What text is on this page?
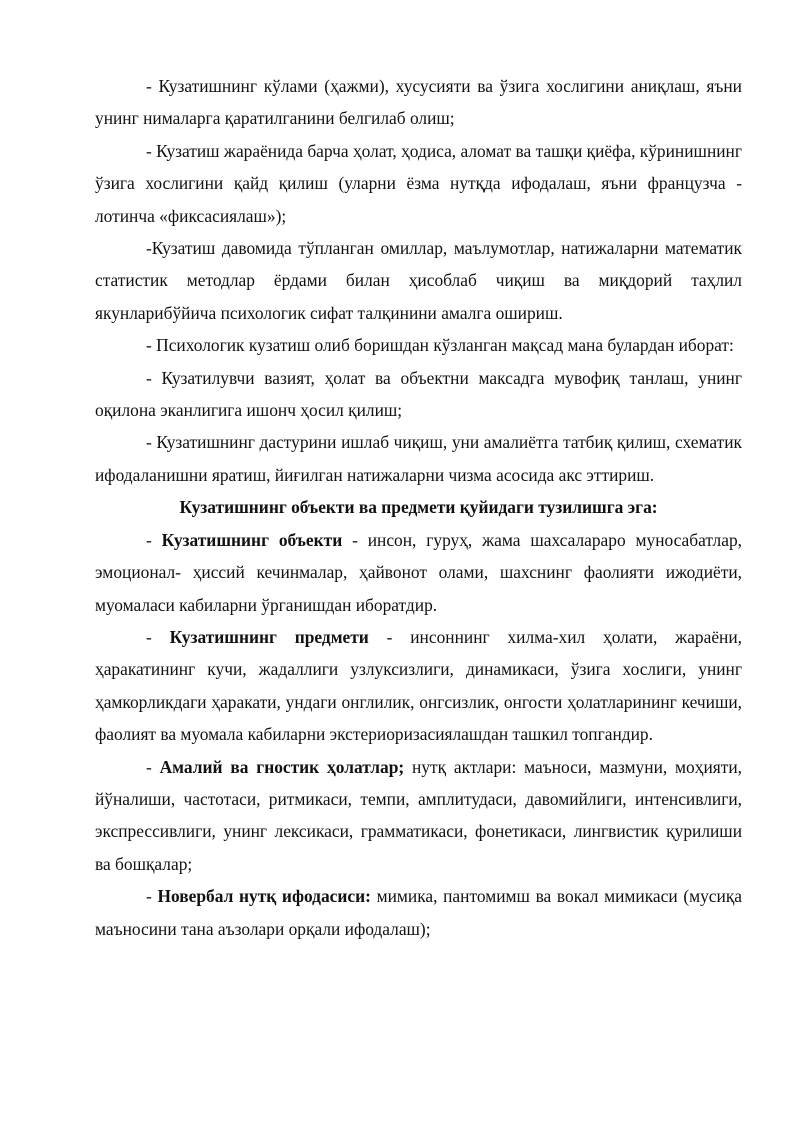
- Кузатишнинг кўлами (ҳажми), хусусияти ва ўзига хослигини аниқлаш, яъни унинг нималарга қаратилганини белгилаб олиш;

- Кузатиш жараёнида барча ҳолат, ҳодиса, аломат ва ташқи қиёфа, кўринишнинг ўзига хослигини қайд қилиш (уларни ёзма нутқда ифодалаш, яъни французча - лотинча «фиксасиялаш»);

-Кузатиш давомида тўпланган омиллар, маълумотлар, натижаларни математик статистик методлар ёрдами билан ҳисоблаб чиқиш ва миқдорий таҳлил якунларибўйича психологик сифат талқинини амалга ошириш.

- Психологик кузатиш олиб боришдан кўзланган мақсад мана булардан иборат:

- Кузатилувчи вазият, ҳолат ва объектни максадга мувофиқ танлаш, унинг оқилона эканлигига ишонч ҳосил қилиш;

- Кузатишнинг дастурини ишлаб чиқиш, уни амалиётга татбиқ қилиш, схематик ифодаланишни яратиш, йиғилган натижаларни чизма асосида акс эттириш.

Кузатишнинг объекти ва предмети қуйидаги тузилишга эга:

- Кузатишнинг объекти - инсон, гуруҳ, жама шахсалараро муносабатлар, эмоционал- ҳиссий кечинмалар, ҳайвонот олами, шахснинг фаолияти ижодиёти, муомаласи кабиларни ўрганишдан иборатдир.

- Кузатишнинг предмети - инсоннинг хилма-хил ҳолати, жараёни, ҳаракатининг кучи, жадаллиги узлуксизлиги, динамикаси, ўзига хослиги, унинг ҳамкорликдаги ҳаракати, ундаги онглилик, онгсизлик, онгости ҳолатларининг кечиши, фаолият ва муомала кабиларни экстериоризасиялашдан ташкил топгандир.

- Амалий ва гностик ҳолатлар; нутқ актлари: маъноси, мазмуни, моҳияти, йўналиши, частотаси, ритмикаси, темпи, амплитудаси, давомийлиги, интенсивлиги, экспрессивлиги, унинг лексикаси, грамматикаси, фонетикаси, лингвистик қурилиши ва бошқалар;

- Новербал нутқ ифодасиси: мимика, пантомимш ва вокал мимикаси (мусиқа маъносини тана аъзолари орқали ифодалаш);
